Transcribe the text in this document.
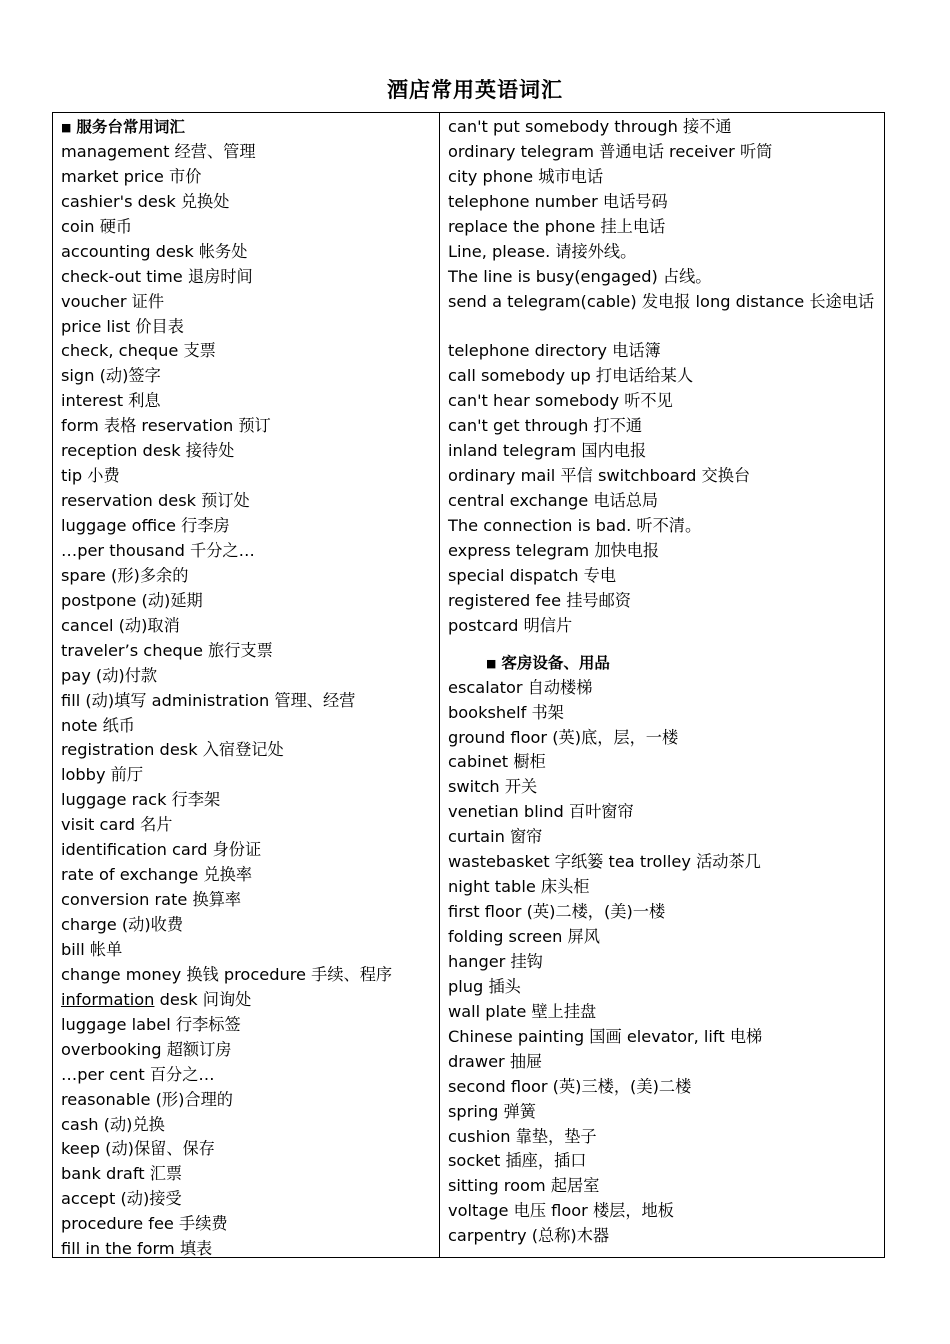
酒店常用英语词汇
■ 服务台常用词汇
management 经营、管理
market price 市价
cashier's desk 兑换处
coin 硬币
accounting desk 帐务处
check-out time 退房时间
voucher 证件
price list 价目表
check, cheque 支票
sign (动)签字
interest 利息
form 表格 reservation 预订
reception desk 接待处
tip 小费
reservation desk 预订处
luggage office 行李房
…per thousand 千分之…
spare (形)多余的
postpone (动)延期
cancel (动)取消
traveler’s cheque 旅行支票
pay (动)付款
fill (动)填写 administration 管理、经营
note 纸币
registration desk 入宿登记处
lobby 前厅
luggage rack 行李架
visit card 名片
identification card 身份证
rate of exchange 兑换率
conversion rate 换算率
charge (动)收费
bill 帐单
change money 换钱 procedure 手续、程序
information desk 问询处
luggage label 行李标签
overbooking 超额订房
…per cent 百分之…
reasonable (形)合理的
cash (动)兑换
keep (动)保留、保存
bank draft 汇票
accept (动)接受
procedure fee 手续费
fill in the form 填表
can't put somebody through 接不通
ordinary telegram 普通电话 receiver 听筒
city phone 城市电话
telephone number 电话号码
replace the phone 挂上电话
Line, please. 请接外线。
The line is busy(engaged) 占线。
send a telegram(cable) 发电报 long distance 长途电话
telephone directory 电话簿
call somebody up 打电话给某人
can't hear somebody 听不见
can't get through 打不通
inland telegram 国内电报
ordinary mail 平信 switchboard 交换台
central exchange 电话总局
The connection is bad. 听不清。
express telegram 加快电报
special dispatch 专电
registered fee 挂号邮资
postcard 明信片
■ 客房设备、用品
escalator 自动楼梯
bookshelf 书架
ground floor (英)底，层，一楼
cabinet 橱柜
switch 开关
venetian blind 百叶窗帘
curtain 窗帘
wastebasket 字纸篓 tea trolley 活动茶几
night table 床头柜
first floor (英)二楼，(美)一楼
folding screen 屏风
hanger 挂钩
plug 插头
wall plate 壁上挂盘
Chinese painting 国画 elevator, lift 电梯
drawer 抽屉
second floor (英)三楼，(美)二楼
spring 弹簧
cushion 靠垫，垫子
socket 插座，插口
sitting room 起居室
voltage 电压 floor 楼层，地板
carpentry (总称)木器
